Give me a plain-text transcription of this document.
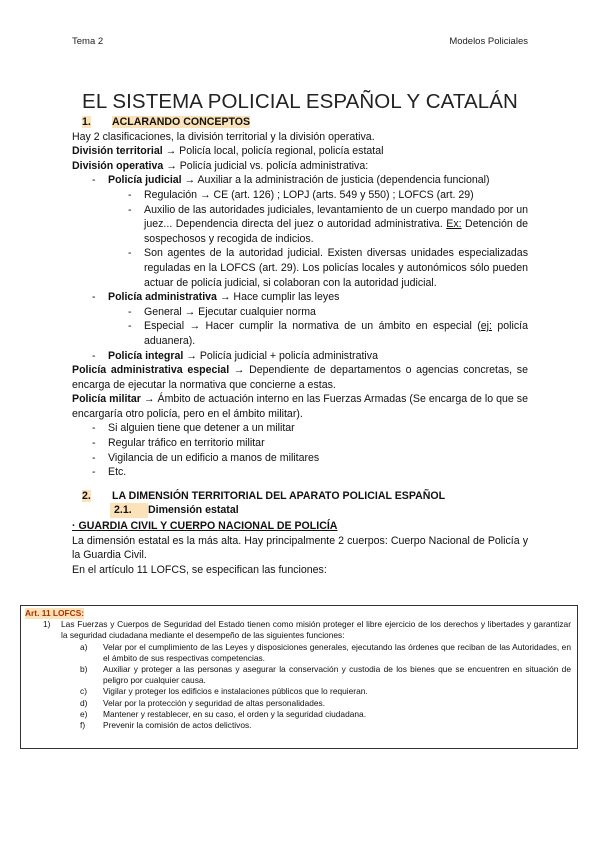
Tema 2	Modelos Policiales
EL SISTEMA POLICIAL ESPAÑOL Y CATALÁN

1. ACLARANDO CONCEPTOS

Hay 2 clasificaciones, la división territorial y la división operativa.

División territorial → Policía local, policía regional, policía estatal

División operativa → Policía judicial vs. policía administrativa:

- Policía judicial → Auxiliar a la administración de justicia (dependencia funcional)
- Regulación → CE (art. 126) ; LOPJ (arts. 549 y 550) ; LOFCS (art. 29)
- Auxilio de las autoridades judiciales, levantamiento de un cuerpo mandado por un juez... Dependencia directa del juez o autoridad administrativa. Ex: Detención de sospechosos y recogida de indicios.
- Son agentes de la autoridad judicial. Existen diversas unidades especializadas reguladas en la LOFCS (art. 29). Los policías locales y autonómicos sólo pueden actuar de policía judicial, si colaboran con la autoridad judicial.
- Policía administrativa → Hace cumplir las leyes
- General → Ejecutar cualquier norma
- Especial → Hacer cumplir la normativa de un ámbito en especial (ej: policía aduanera).
- Policía integral → Policía judicial + policía administrativa

Policía administrativa especial → Dependiente de departamentos o agencias concretas, se encarga de ejecutar la normativa que concierne a estas.

Policía militar → Ámbito de actuación interno en las Fuerzas Armadas (Se encarga de lo que se encargaría otro policía, pero en el ámbito militar).

- Si alguien tiene que detener a un militar
- Regular tráfico en territorio militar
- Vigilancia de un edificio a manos de militares
- Etc.

2. LA DIMENSIÓN TERRITORIAL DEL APARATO POLICIAL ESPAÑOL

2.1. Dimensión estatal

· GUARDIA CIVIL Y CUERPO NACIONAL DE POLICÍA

La dimensión estatal es la más alta. Hay principalmente 2 cuerpos: Cuerpo Nacional de Policía y la Guardia Civil.

En el artículo 11 LOFCS, se especifican las funciones:

Art. 11 LOFCS:
1) Las Fuerzas y Cuerpos de Seguridad del Estado tienen como misión proteger el libre ejercicio de los derechos y libertades y garantizar la seguridad ciudadana mediante el desempeño de las siguientes funciones:
a) Velar por el cumplimiento de las Leyes y disposiciones generales, ejecutando las órdenes que reciban de las Autoridades, en el ámbito de sus respectivas competencias.
b) Auxiliar y proteger a las personas y asegurar la conservación y custodia de los bienes que se encuentren en situación de peligro por cualquier causa.
c) Vigilar y proteger los edificios e instalaciones públicos que lo requieran.
d) Velar por la protección y seguridad de altas personalidades.
e) Mantener y restablecer, en su caso, el orden y la seguridad ciudadana.
f) Prevenir la comisión de actos delictivos.
